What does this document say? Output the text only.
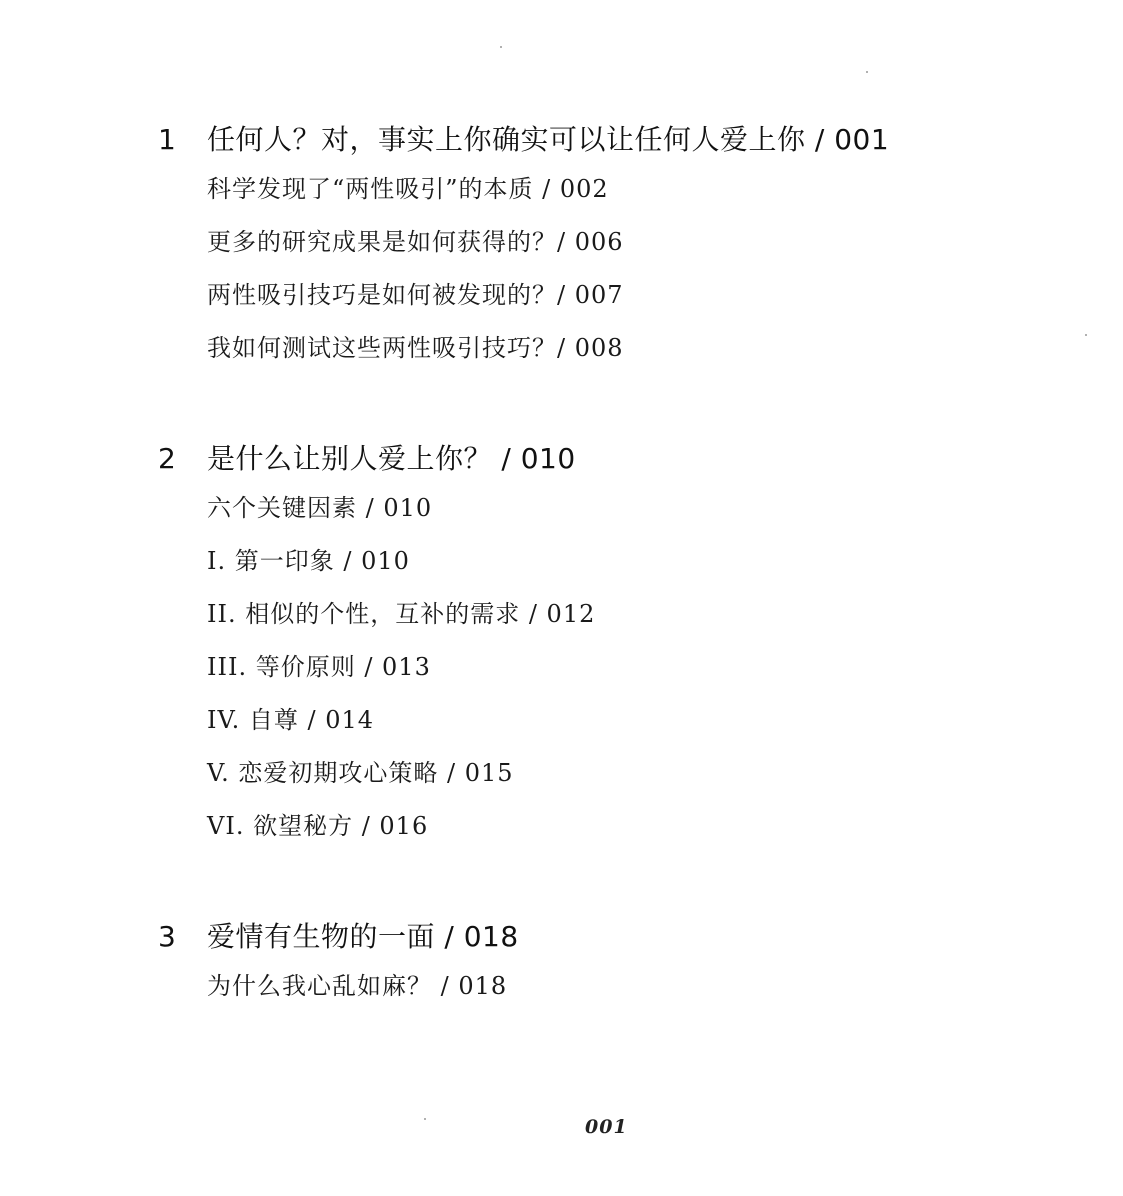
1 任何人？对，事实上你确实可以让任何人爱上你 / 001
科学发现了“两性吸引”的本质 / 002
更多的研究成果是如何获得的？/ 006
两性吸引技巧是如何被发现的？/ 007
我如何测试这些两性吸引技巧？/ 008
2 是什么让别人爱上你？ / 010
六个关键因素 / 010
I. 第一印象 / 010
II. 相似的个性，互补的需求 / 012
III. 等价原则 / 013
IV. 自尊 / 014
V. 恋爱初期攻心策略 / 015
VI. 欲望秘方 / 016
3 爱情有生物的一面 / 018
为什么我心乱如麻？ / 018
001
